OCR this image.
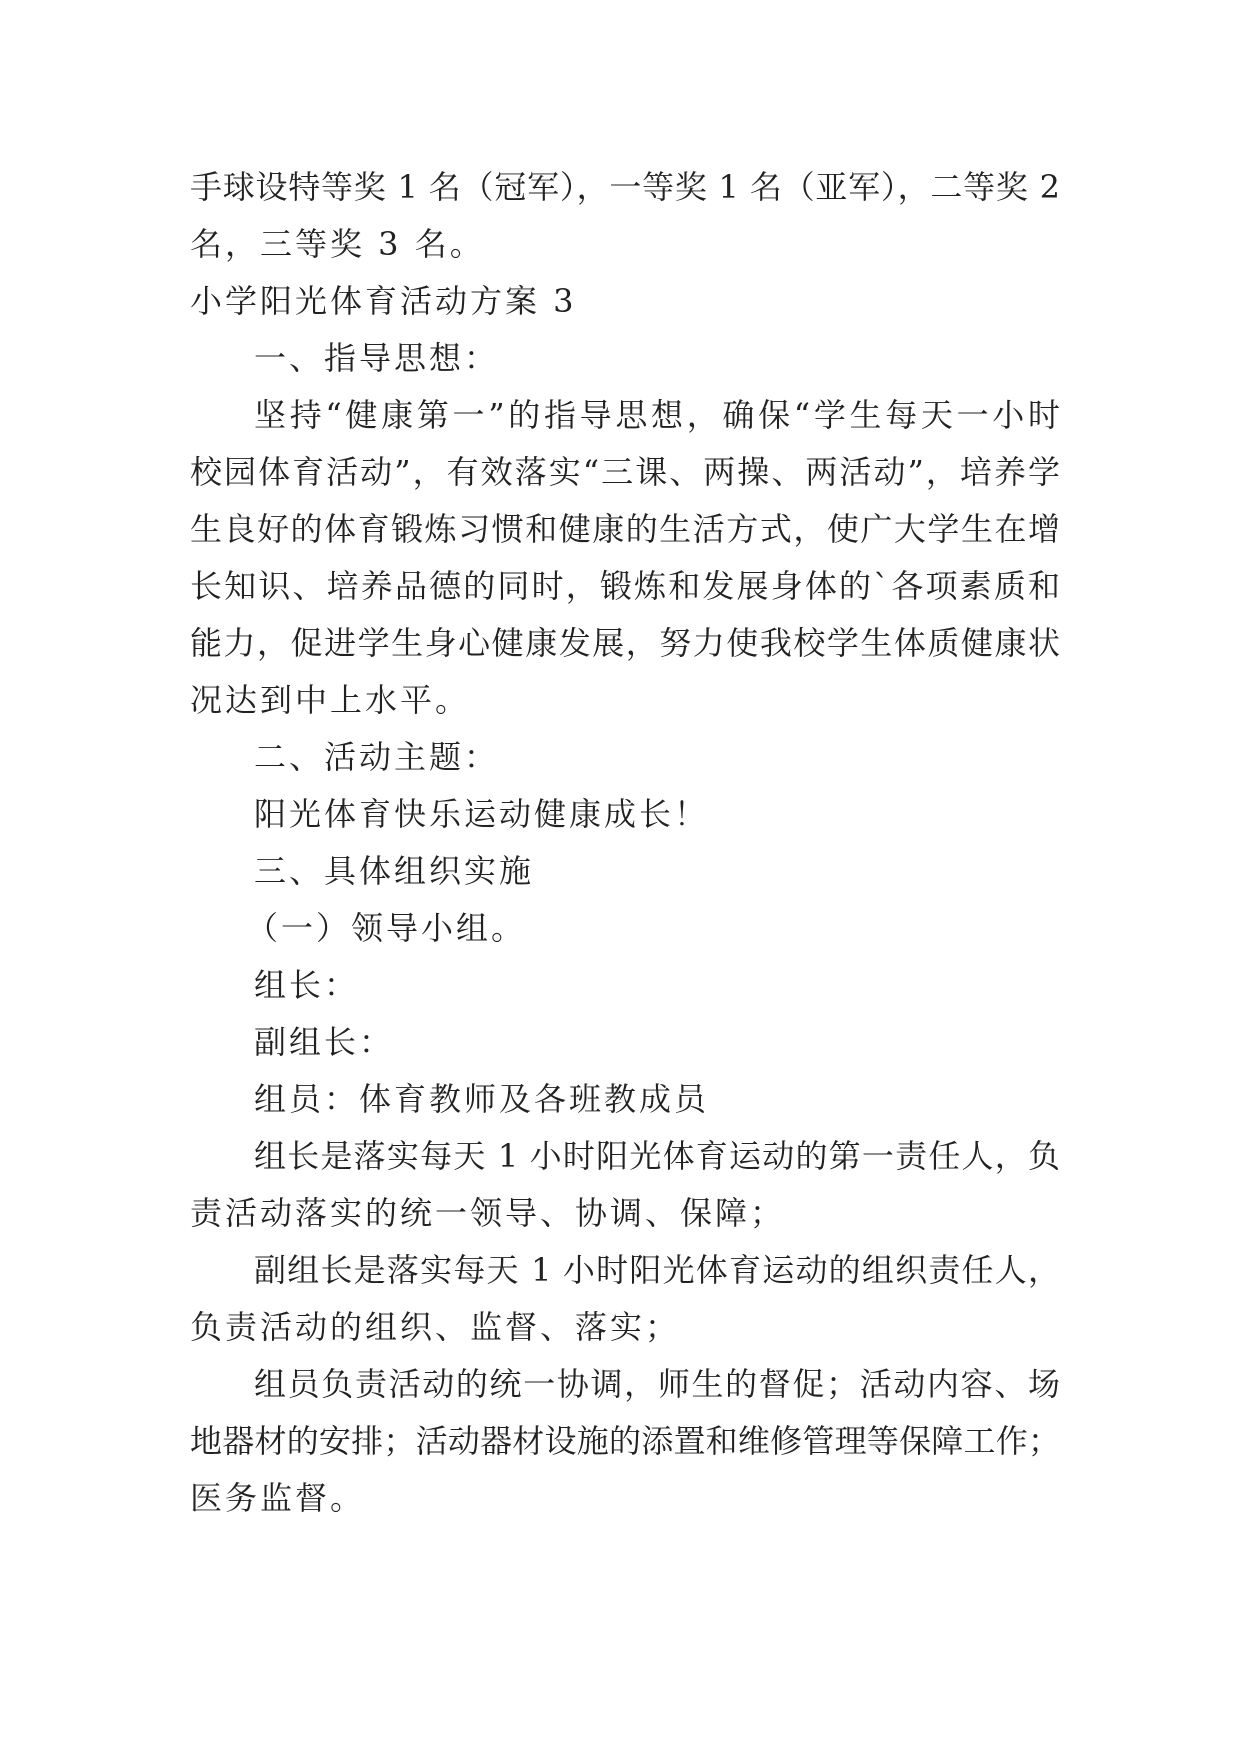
手球设特等奖 1 名（冠军），一等奖 1 名（亚军），二等奖 2

名，三等奖 3 名。

小学阳光体育活动方案 3

一、指导思想：

坚持“健康第一”的指导思想，确保“学生每天一小时

校园体育活动”，有效落实“三课、两操、两活动”，培养学

生良好的体育锻炼习惯和健康的生活方式，使广大学生在增

长知识、培养品德的同时，锻炼和发展身体的`各项素质和

能力，促进学生身心健康发展，努力使我校学生体质健康状

况达到中上水平。

二、活动主题：

阳光体育快乐运动健康成长！

三、具体组织实施

（一）领导小组。

组长：

副组长：

组员：体育教师及各班教成员

组长是落实每天 1 小时阳光体育运动的第一责任人，负

责活动落实的统一领导、协调、保障；

副组长是落实每天 1 小时阳光体育运动的组织责任人，

负责活动的组织、监督、落实；

组员负责活动的统一协调，师生的督促；活动内容、场

地器材的安排；活动器材设施的添置和维修管理等保障工作；

医务监督。
